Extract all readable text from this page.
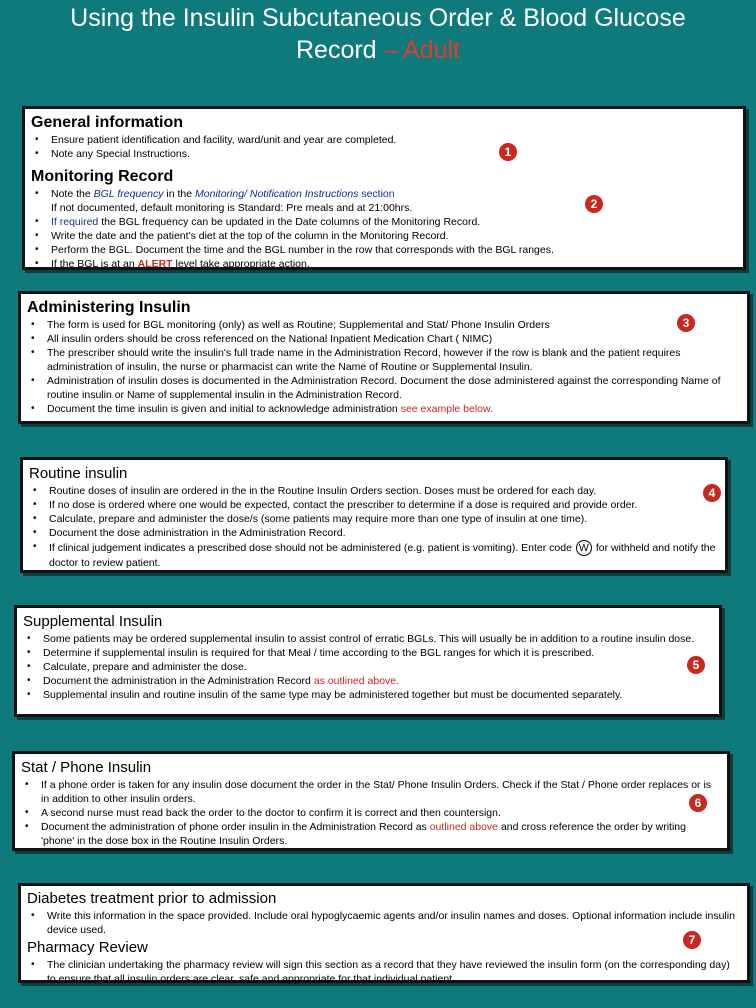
Using the Insulin Subcutaneous Order & Blood Glucose
Record – Adult
General information
• Ensure patient identification and facility, ward/unit and year are completed.
• Note any Special Instructions.
Monitoring Record
• Note the BGL frequency in the Monitoring/ Notification Instructions section
If not documented, default monitoring is Standard: Pre meals and at 21:00hrs.
• If required the BGL frequency can be updated in the Date columns of the Monitoring Record.
• Write the date and the patient's diet at the top of the column in the Monitoring Record.
• Perform the BGL. Document the time and the BGL number in the row that corresponds with the BGL ranges.
• If the BGL is at an ALERT level take appropriate action.
1
2
Administering Insulin
• The form is used for BGL monitoring (only) as well as Routine; Supplemental and Stat/ Phone Insulin Orders
• All insulin orders should be cross referenced on the National Inpatient Medication Chart ( NIMC)
• The prescriber should write the insulin's full trade name in the Administration Record, however if the row is blank and the patient requires administration of insulin, the nurse or pharmacist can write the Name of Routine or Supplemental Insulin.
• Administration of insulin doses is documented in the Administration Record. Document the dose administered against the corresponding Name of routine insulin or Name of supplemental insulin in the Administration Record.
• Document the time insulin is given and initial to acknowledge administration see example below.
3
Routine insulin
• Routine doses of insulin are ordered in the in the Routine Insulin Orders section. Doses must be ordered for each day.
• If no dose is ordered where one would be expected, contact the prescriber to determine if a dose is required and provide order.
• Calculate, prepare and administer the dose/s (some patients may require more than one type of insulin at one time).
• Document the dose administration in the Administration Record.
• If clinical judgement indicates a prescribed dose should not be administered (e.g. patient is vomiting). Enter code W for withheld and notify the doctor to review patient.
4
Supplemental Insulin
• Some patients may be ordered supplemental insulin to assist control of erratic BGLs. This will usually be in addition to a routine insulin dose.
• Determine if supplemental insulin is required for that Meal / time according to the BGL ranges for which it is prescribed.
• Calculate, prepare and administer the dose.
• Document the administration in the Administration Record as outlined above.
• Supplemental insulin and routine insulin of the same type may be administered together but must be documented separately.
5
Stat / Phone Insulin
• If a phone order is taken for any insulin dose document the order in the Stat/ Phone Insulin Orders. Check if the Stat / Phone order replaces or is in addition to other insulin orders.
• A second nurse must read back the order to the doctor to confirm it is correct and then countersign.
• Document the administration of phone order insulin in the Administration Record as outlined above and cross reference the order by writing 'phone' in the dose box in the Routine Insulin Orders.
6
Diabetes treatment prior to admission
• Write this information in the space provided. Include oral hypoglycaemic agents and/or insulin names and doses. Optional information include insulin device used.
Pharmacy Review
• The clinician undertaking the pharmacy review will sign this section as a record that they have reviewed the insulin form (on the corresponding day) to ensure that all insulin orders are clear, safe and appropriate for that individual patient.
7
